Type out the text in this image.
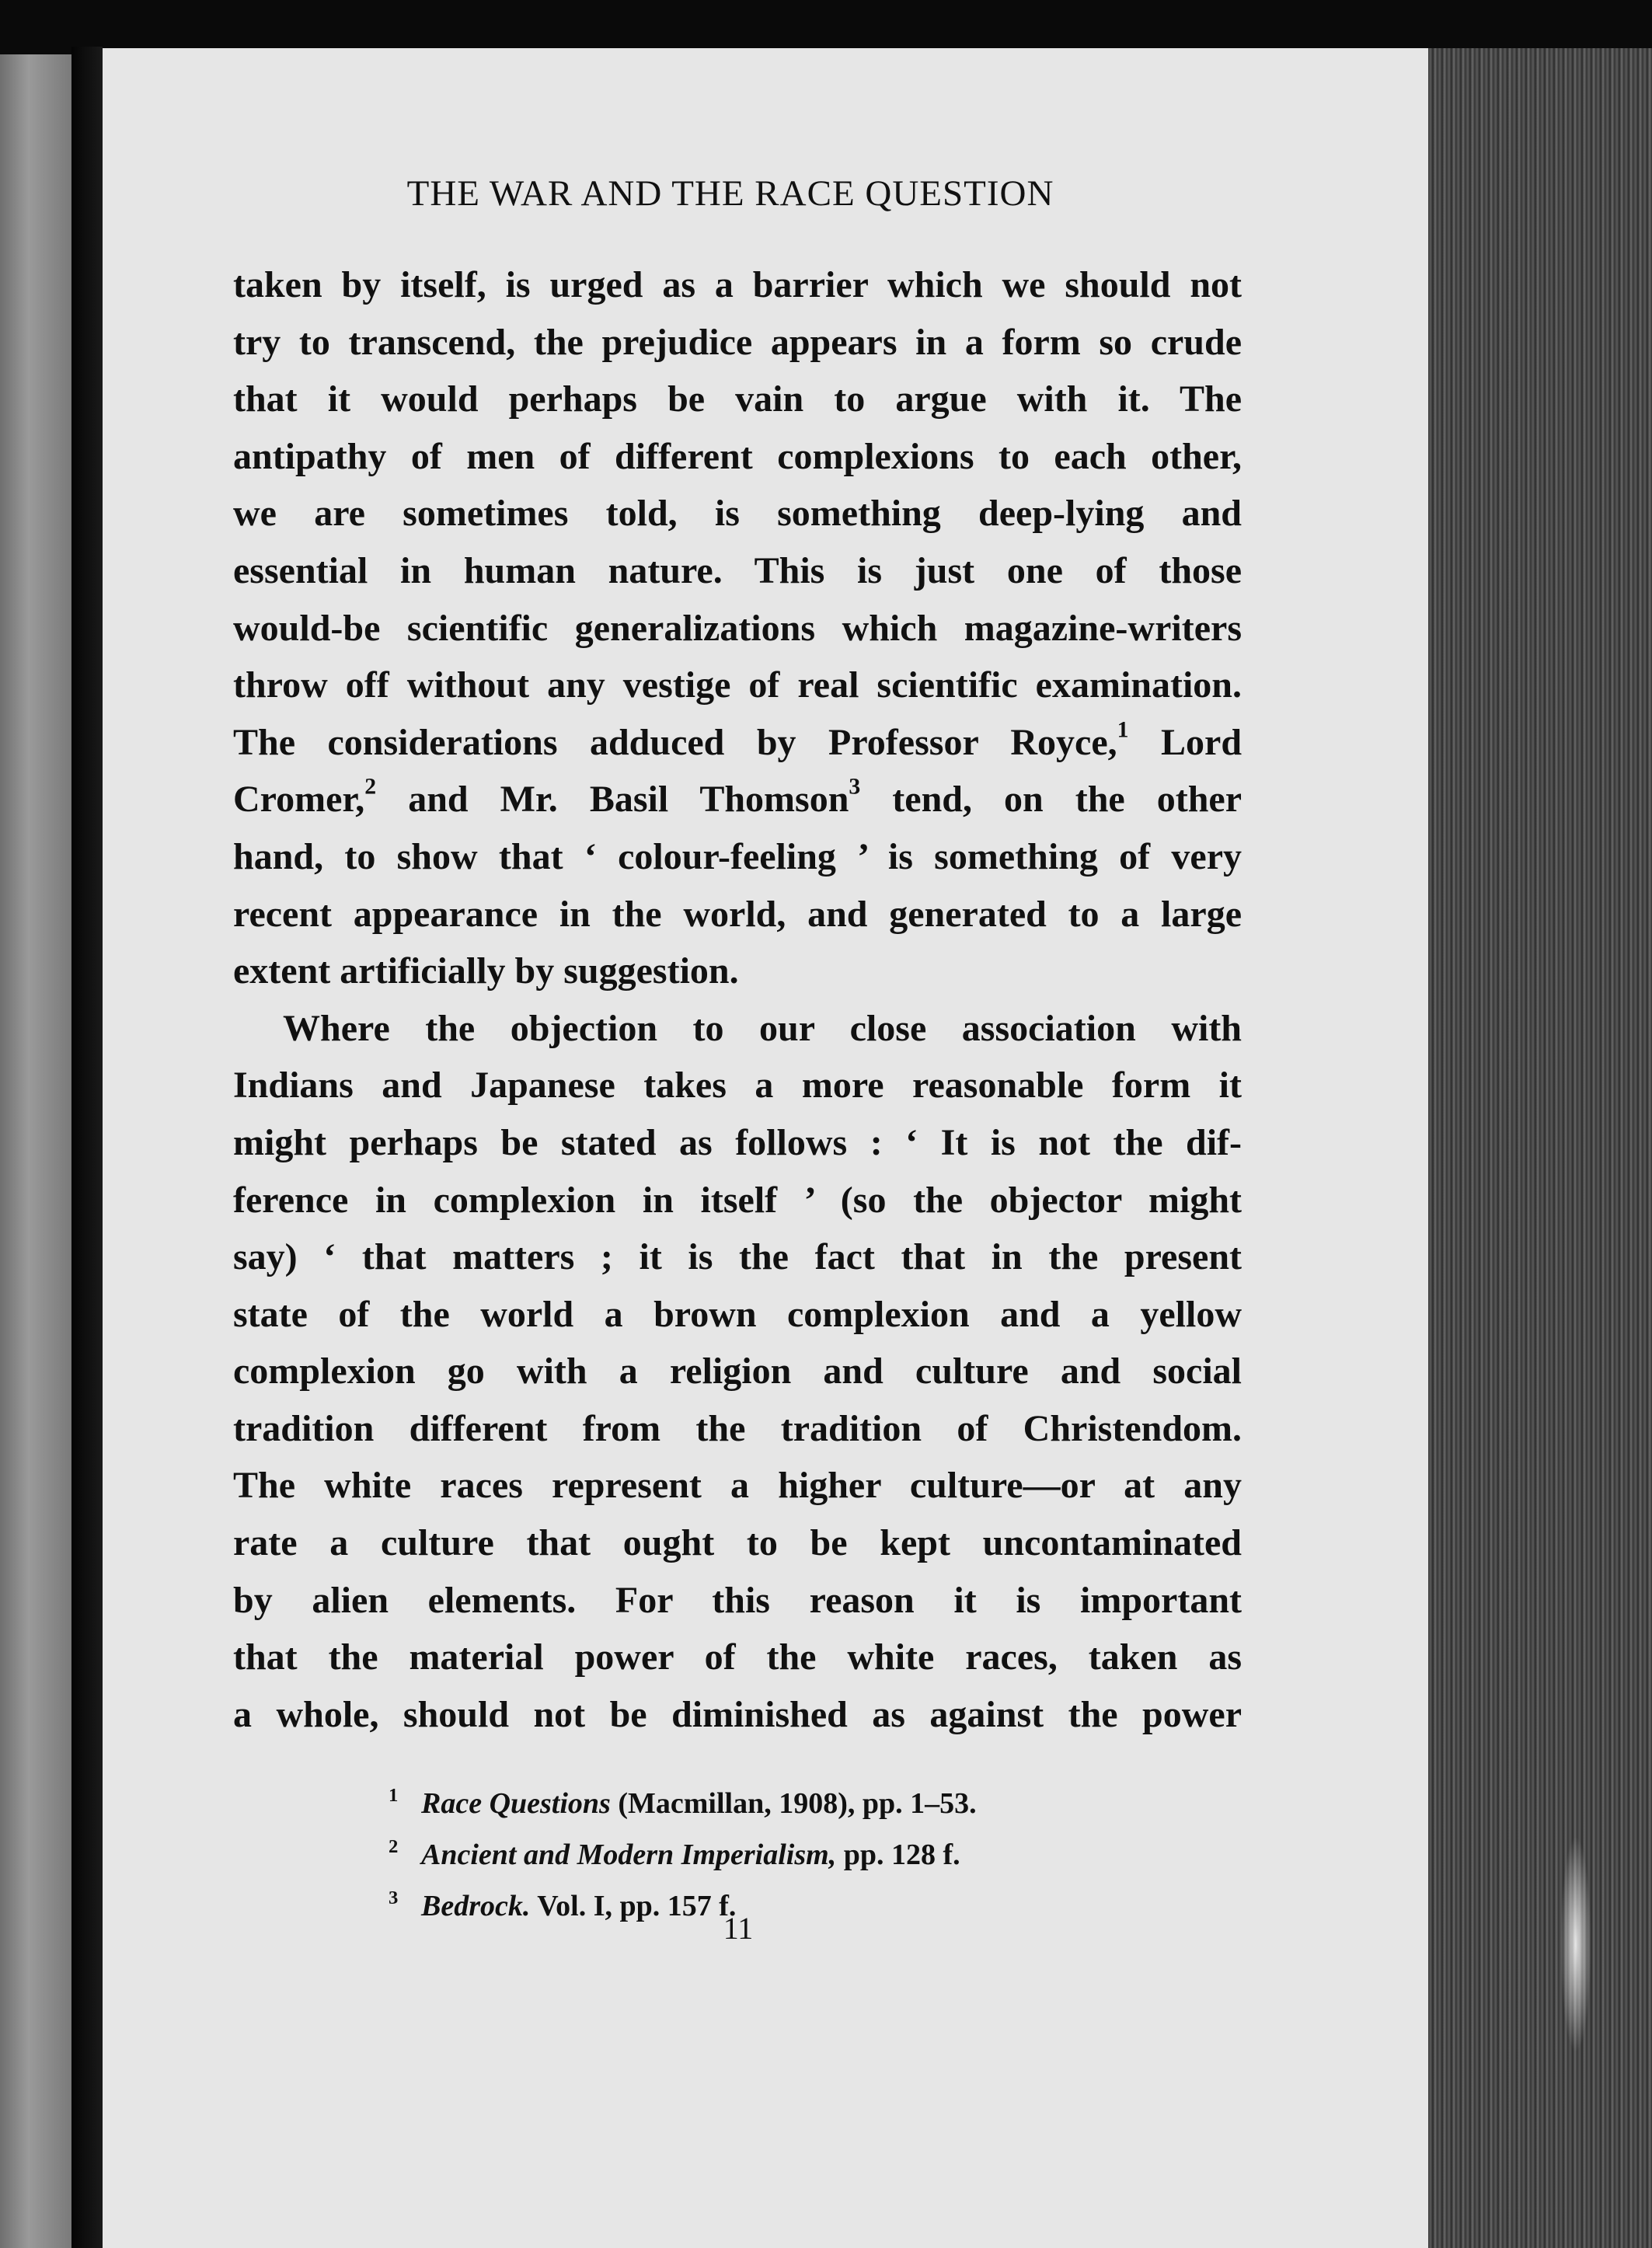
THE WAR AND THE RACE QUESTION
taken by itself, is urged as a barrier which we should not
try to transcend, the prejudice appears in a form so crude
that it would perhaps be vain to argue with it. The
antipathy of men of different complexions to each other,
we are sometimes told, is something deep-lying and
essential in human nature. This is just one of those
would-be scientific generalizations which magazine-writers
throw off without any vestige of real scientific examination.
The considerations adduced by Professor Royce,$^1$ Lord
Cromer,$^2$ and Mr. Basil Thomson$^3$ tend, on the other
hand, to show that ‘ colour-feeling ’ is something of very
recent appearance in the world, and generated to a large
extent artificially by suggestion.
Where the objection to our close association with
Indians and Japanese takes a more reasonable form it
might perhaps be stated as follows : ‘ It is not the dif-
ference in complexion in itself ’ (so the objector might
say) ‘ that matters ; it is the fact that in the present
state of the world a brown complexion and a yellow
complexion go with a religion and culture and social
tradition different from the tradition of Christendom.
The white races represent a higher culture—or at any
rate a culture that ought to be kept uncontaminated
by alien elements. For this reason it is important
that the material power of the white races, taken as
a whole, should not be diminished as against the power
1 Race Questions (Macmillan, 1908), pp. 1–53.
2 Ancient and Modern Imperialism, pp. 128 f.
3 Bedrock. Vol. I, pp. 157 f.
11
